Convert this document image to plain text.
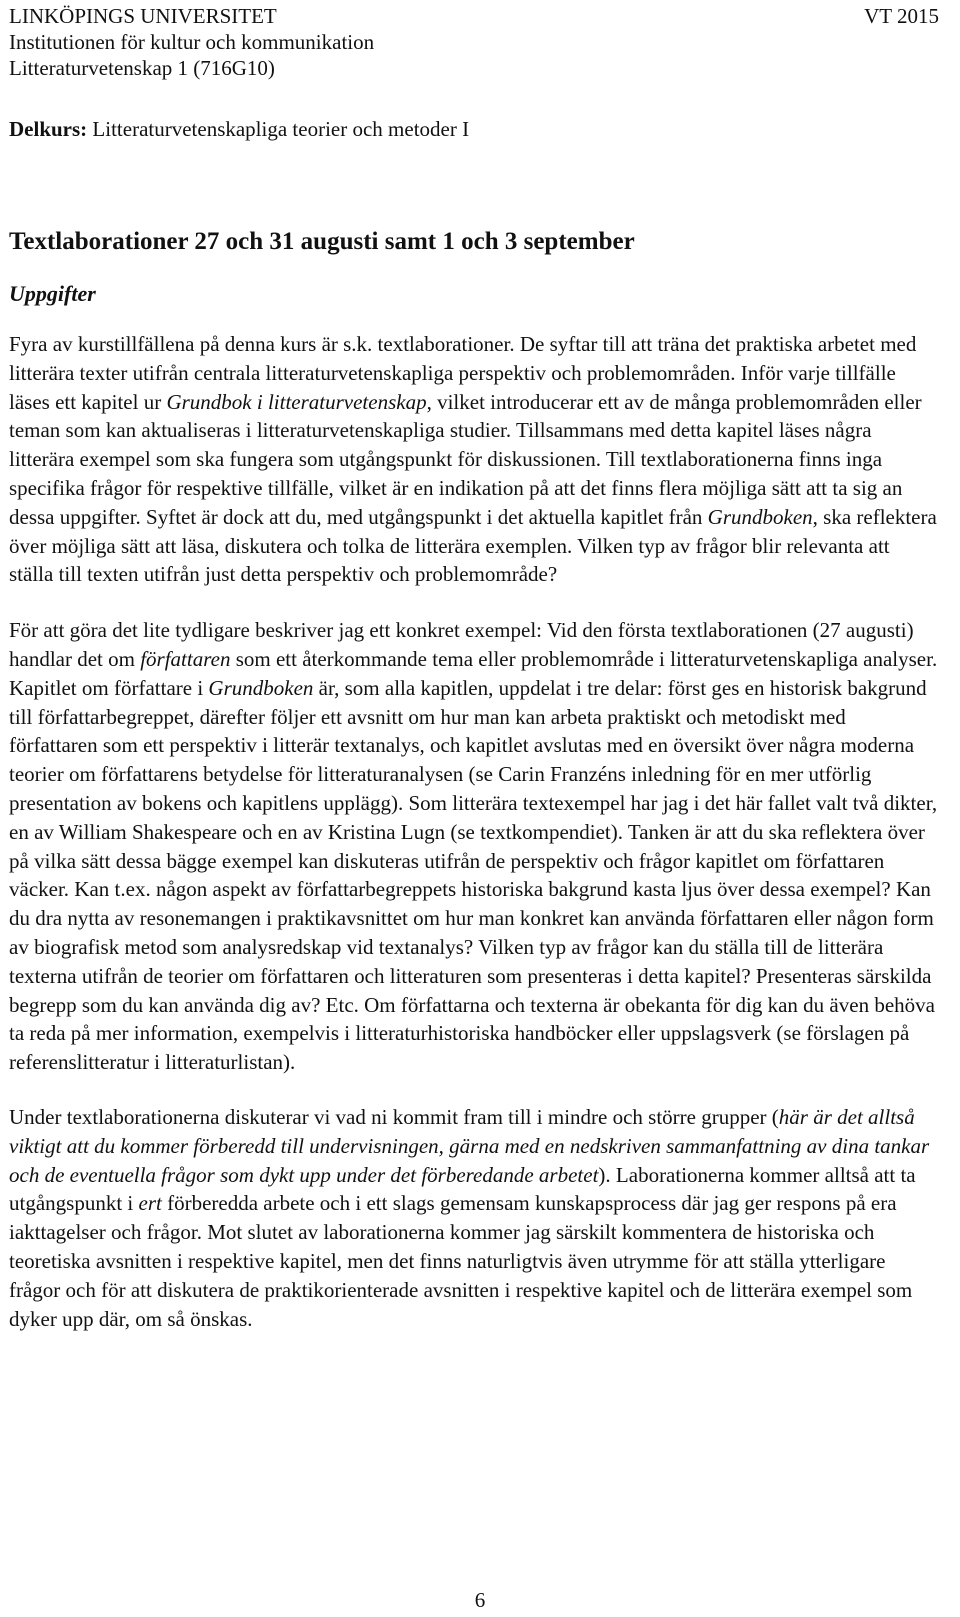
LINKÖPINGS UNIVERSITET
Institutionen för kultur och kommunikation
Litteraturvetenskap 1 (716G10)
VT 2015
Delkurs: Litteraturvetenskapliga teorier och metoder I
Textlaborationer 27 och 31 augusti samt 1 och 3 september
Uppgifter

Fyra av kurstillfällena på denna kurs är s.k. textlaborationer. De syftar till att träna det praktiska arbetet med litterära texter utifrån centrala litteraturvetenskapliga perspektiv och problemområden. Inför varje tillfälle läses ett kapitel ur Grundbok i litteraturvetenskap, vilket introducerar ett av de många problemområden eller teman som kan aktualiseras i litteraturvetenskapliga studier. Tillsammans med detta kapitel läses några litterära exempel som ska fungera som utgångspunkt för diskussionen. Till textlaborationerna finns inga specifika frågor för respektive tillfälle, vilket är en indikation på att det finns flera möjliga sätt att ta sig an dessa uppgifter. Syftet är dock att du, med utgångspunkt i det aktuella kapitlet från Grundboken, ska reflektera över möjliga sätt att läsa, diskutera och tolka de litterära exemplen. Vilken typ av frågor blir relevanta att ställa till texten utifrån just detta perspektiv och problemområde?

För att göra det lite tydligare beskriver jag ett konkret exempel: Vid den första textlaborationen (27 augusti) handlar det om författaren som ett återkommande tema eller problemområde i litteraturvetenskapliga analyser. Kapitlet om författare i Grundboken är, som alla kapitlen, uppdelat i tre delar: först ges en historisk bakgrund till författarbegreppet, därefter följer ett avsnitt om hur man kan arbeta praktiskt och metodiskt med författaren som ett perspektiv i litterär textanalys, och kapitlet avslutas med en översikt över några moderna teorier om författarens betydelse för litteraturanalysen (se Carin Franzéns inledning för en mer utförlig presentation av bokens och kapitlens upplägg). Som litterära textexempel har jag i det här fallet valt två dikter, en av William Shakespeare och en av Kristina Lugn (se textkompendiet). Tanken är att du ska reflektera över på vilka sätt dessa bägge exempel kan diskuteras utifrån de perspektiv och frågor kapitlet om författaren väcker. Kan t.ex. någon aspekt av författarbegreppets historiska bakgrund kasta ljus över dessa exempel? Kan du dra nytta av resonemangen i praktikavsnittet om hur man konkret kan använda författaren eller någon form av biografisk metod som analysredskap vid textanalys? Vilken typ av frågor kan du ställa till de litterära texterna utifrån de teorier om författaren och litteraturen som presenteras i detta kapitel? Presenteras särskilda begrepp som du kan använda dig av? Etc. Om författarna och texterna är obekanta för dig kan du även behöva ta reda på mer information, exempelvis i litteraturhistoriska handböcker eller uppslagsverk (se förslagen på referenslitteratur i litteraturlistan).

Under textlaborationerna diskuterar vi vad ni kommit fram till i mindre och större grupper (här är det alltså viktigt att du kommer förberedd till undervisningen, gärna med en nedskriven sammanfattning av dina tankar och de eventuella frågor som dykt upp under det förberedande arbetet). Laborationerna kommer alltså att ta utgångspunkt i ert förberedda arbete och i ett slags gemensam kunskapsprocess där jag ger respons på era iakttagelser och frågor. Mot slutet av laborationerna kommer jag särskilt kommentera de historiska och teoretiska avsnitten i respektive kapitel, men det finns naturligtvis även utrymme för att ställa ytterligare frågor och för att diskutera de praktikorienterade avsnitten i respektive kapitel och de litterära exempel som dyker upp där, om så önskas.

6
